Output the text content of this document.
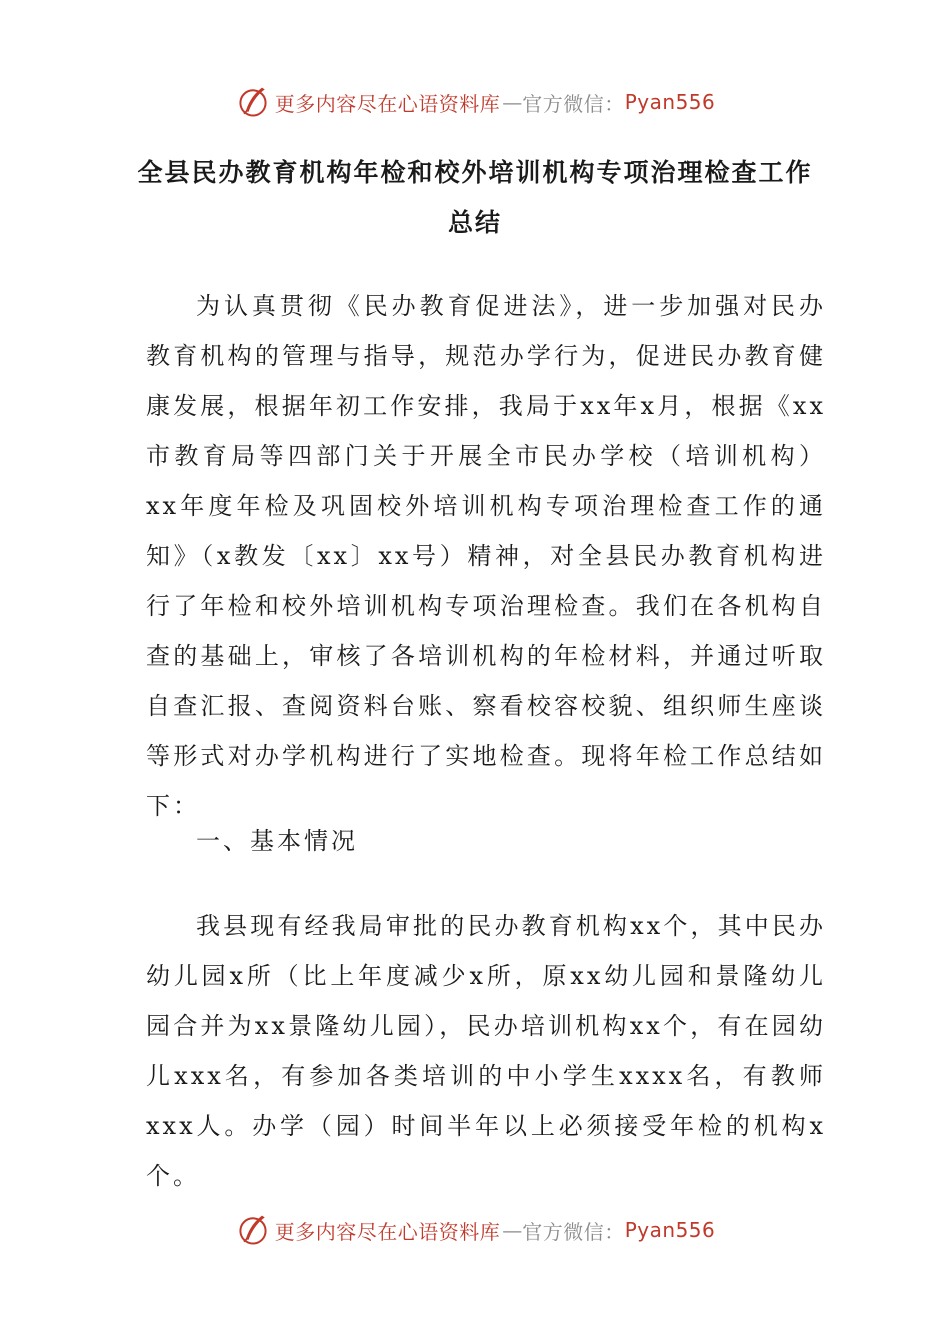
更多内容尽在心语资料库 — 官方微信： Pyan556
全县民办教育机构年检和校外培训机构专项治理检查工作
总结

为认真贯彻《民办教育促进法》，进一步加强对民办教育机构的管理与指导，规范办学行为，促进民办教育健康发展，根据年初工作安排，我局于xx年x月，根据《xx市教育局等四部门关于开展全市民办学校（培训机构）xx年度年检及巩固校外培训机构专项治理检查工作的通知》（x教发〔xx〕xx号）精神，对全县民办教育机构进行了年检和校外培训机构专项治理检查。我们在各机构自查的基础上，审核了各培训机构的年检材料，并通过听取自查汇报、查阅资料台账、察看校容校貌、组织师生座谈等形式对办学机构进行了实地检查。现将年检工作总结如下：

一、基本情况

我县现有经我局审批的民办教育机构xx个，其中民办幼儿园x所（比上年度减少x所，原xx幼儿园和景隆幼儿园合并为xx景隆幼儿园），民办培训机构xx个，有在园幼儿xxx名，有参加各类培训的中小学生xxxx名，有教师xxx人。办学（园）时间半年以上必须接受年检的机构x个。

更多内容尽在心语资料库 — 官方微信： Pyan556
